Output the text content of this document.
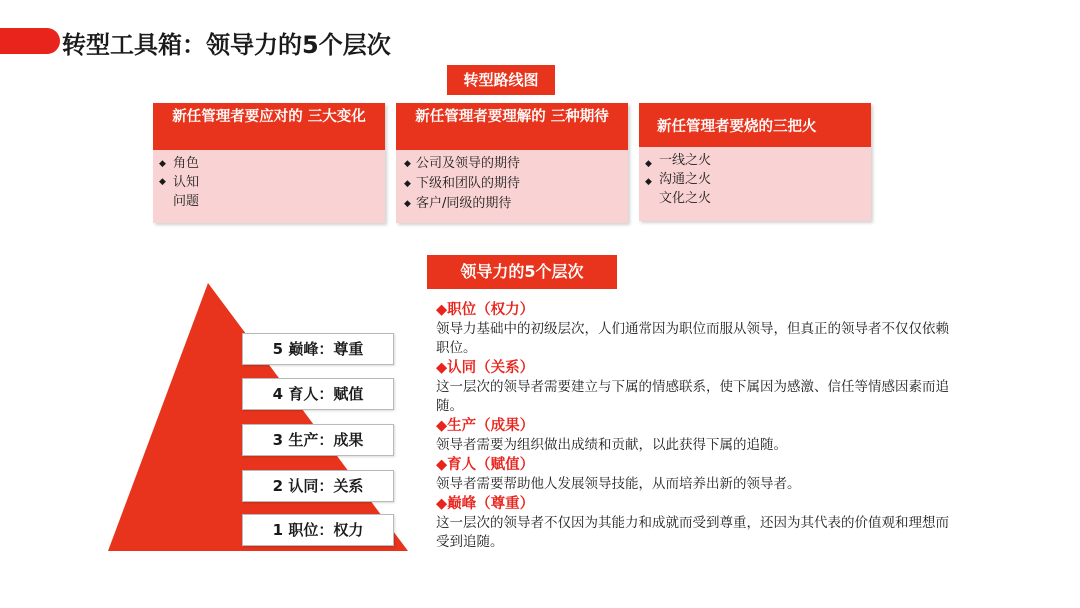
转型工具箱：领导力的5个层次
转型路线图
新任管理者要应对的 三大变化
◆
◆
角色
认知
问题
新任管理者要理解的 三种期待
◆ 公司及领导的期待
◆ 下级和团队的期待
◆ 客户/同级的期待
新任管理者要烧的三把火
◆
◆
一线之火
沟通之火
文化之火
领导力的5个层次
5 巅峰：尊重
4 育人：赋值
3 生产：成果
2 认同：关系
1 职位：权力

◆职位（权力）

领导力基础中的初级层次，人们通常因为职位而服从领导，但真正的领导者不仅仅依赖职位。

◆认同（关系）

这一层次的领导者需要建立与下属的情感联系，使下属因为感激、信任等情感因素而追随。

◆生产（成果）

领导者需要为组织做出成绩和贡献，以此获得下属的追随。

◆育人（赋值）

领导者需要帮助他人发展领导技能，从而培养出新的领导者。

◆巅峰（尊重）

这一层次的领导者不仅因为其能力和成就而受到尊重，还因为其代表的价值观和理想而受到追随。
